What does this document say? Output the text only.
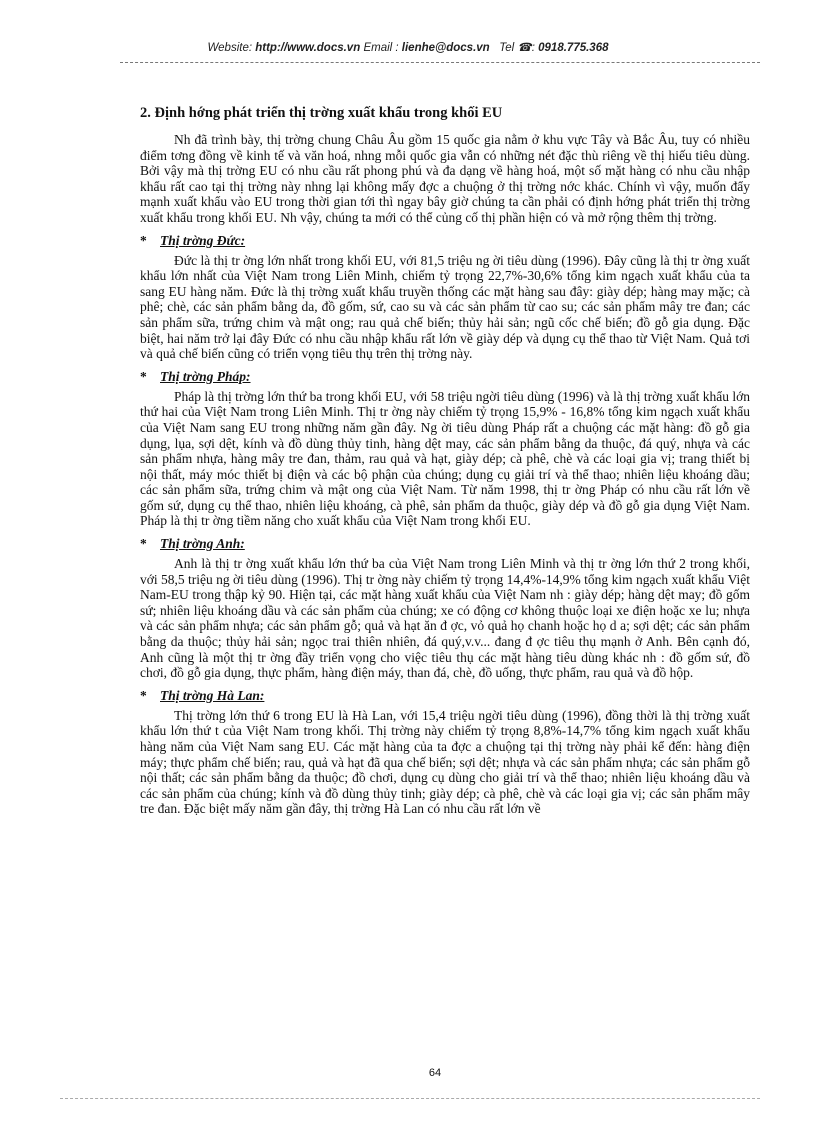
Website: http://www.docs.vn Email : lienhe@docs.vn Tel ☎: 0918.775.368
2. Định hớng phát triển thị trờng xuất khẩu trong khối EU

Nh đã trình bày, thị trờng chung Châu Âu gồm 15 quốc gia nằm ở khu vực Tây và Bắc Âu, tuy có nhiều điểm tơng đồng về kinh tế và văn hoá, nhng mỗi quốc gia vẫn có những nét đặc thù riêng về thị hiếu tiêu dùng. Bởi vậy mà thị trờng EU có nhu cầu rất phong phú và đa dạng về hàng hoá, một số mặt hàng có nhu cầu nhập khẩu rất cao tại thị trờng này nhng lại không mấy đợc a chuộng ở thị trờng nớc khác. Chính vì vậy, muốn đẩy mạnh xuất khẩu vào EU trong thời gian tới thì ngay bây giờ chúng ta cần phải có định hớng phát triển thị trờng xuất khẩu trong khối EU. Nh vậy, chúng ta mới có thể củng cố thị phần hiện có và mở rộng thêm thị trờng.

* Thị trờng Đức:

Đức là thị tr ờng lớn nhất trong khối EU, với 81,5 triệu ng ời tiêu dùng (1996). Đây cũng là thị tr ờng xuất khẩu lớn nhất của Việt Nam trong Liên Minh, chiếm tỷ trọng 22,7%-30,6% tổng kim ngạch xuất khẩu của ta sang EU hàng năm. Đức là thị trờng xuất khẩu truyền thống các mặt hàng sau đây: giày dép; hàng may mặc; cà phê; chè, các sản phẩm bằng da, đồ gốm, sứ, cao su và các sản phẩm từ cao su; các sản phẩm mây tre đan; các sản phẩm sữa, trứng chim và mật ong; rau quả chế biến; thủy hải sản; ngũ cốc chế biến; đồ gỗ gia dụng. Đặc biệt, hai năm trở lại đây Đức có nhu cầu nhập khẩu rất lớn về giày dép và dụng cụ thể thao từ Việt Nam. Quả tơi và quả chế biến cũng có triển vọng tiêu thụ trên thị trờng này.

* Thị trờng Pháp:

Pháp là thị trờng lớn thứ ba trong khối EU, với 58 triệu ngời tiêu dùng (1996) và là thị trờng xuất khẩu lớn thứ hai của Việt Nam trong Liên Minh. Thị tr ờng này chiếm tỷ trọng 15,9% - 16,8% tổng kim ngạch xuất khẩu của Việt Nam sang EU trong những năm gần đây. Ng ời tiêu dùng Pháp rất a chuộng các mặt hàng: đồ gỗ gia dụng, lụa, sợi dệt, kính và đồ dùng thủy tinh, hàng dệt may, các sản phẩm bằng da thuộc, đá quý, nhựa và các sản phẩm nhựa, hàng mây tre đan, thảm, rau quả và hạt, giày dép; cà phê, chè và các loại gia vị; trang thiết bị nội thất, máy móc thiết bị điện và các bộ phận của chúng; dụng cụ giải trí và thể thao; nhiên liệu khoáng dầu; các sản phẩm sữa, trứng chim và mật ong của Việt Nam. Từ năm 1998, thị tr ờng Pháp có nhu cầu rất lớn về gốm sứ, dụng cụ thể thao, nhiên liệu khoáng, cà phê, sản phẩm da thuộc, giày dép và đồ gỗ gia dụng Việt Nam. Pháp là thị tr ờng tiềm năng cho xuất khẩu của Việt Nam trong khối EU.

* Thị trờng Anh:

Anh là thị tr ờng xuất khẩu lớn thứ ba của Việt Nam trong Liên Minh và thị tr ờng lớn thứ 2 trong khối, với 58,5 triệu ng ời tiêu dùng (1996). Thị tr ờng này chiếm tỷ trọng 14,4%-14,9% tổng kim ngạch xuất khẩu Việt Nam-EU trong thập kỷ 90. Hiện tại, các mặt hàng xuất khẩu của Việt Nam nh : giày dép; hàng dệt may; đồ gốm sứ; nhiên liệu khoáng dầu và các sản phẩm của chúng; xe có động cơ không thuộc loại xe điện hoặc xe lu; nhựa và các sản phẩm nhựa; các sản phẩm gỗ; quả và hạt ăn đ ợc, vỏ quả họ chanh hoặc họ d a; sợi dệt; các sản phẩm bằng da thuộc; thủy hải sản; ngọc trai thiên nhiên, đá quý,v.v... đang đ ợc tiêu thụ mạnh ở Anh. Bên cạnh đó, Anh cũng là một thị tr ờng đầy triển vọng cho việc tiêu thụ các mặt hàng tiêu dùng khác nh : đồ gốm sứ, đồ chơi, đồ gỗ gia dụng, thực phẩm, hàng điện máy, than đá, chè, đồ uống, thực phẩm, rau quả và đồ hộp.

* Thị trờng Hà Lan:

Thị trờng lớn thứ 6 trong EU là Hà Lan, với 15,4 triệu ngời tiêu dùng (1996), đồng thời là thị trờng xuất khẩu lớn thứ t của Việt Nam trong khối. Thị trờng này chiếm tỷ trọng 8,8%-14,7% tổng kim ngạch xuất khẩu hàng năm của Việt Nam sang EU. Các mặt hàng của ta đợc a chuộng tại thị trờng này phải kể đến: hàng điện máy; thực phẩm chế biến; rau, quả và hạt đã qua chế biến; sợi dệt; nhựa và các sản phẩm nhựa; các sản phẩm gỗ nội thất; các sản phẩm bằng da thuộc; đồ chơi, dụng cụ dùng cho giải trí và thể thao; nhiên liệu khoáng dầu và các sản phẩm của chúng; kính và đồ dùng thủy tinh; giày dép; cà phê, chè và các loại gia vị; các sản phẩm mây tre đan. Đặc biệt mấy năm gần đây, thị trờng Hà Lan có nhu cầu rất lớn về

64
